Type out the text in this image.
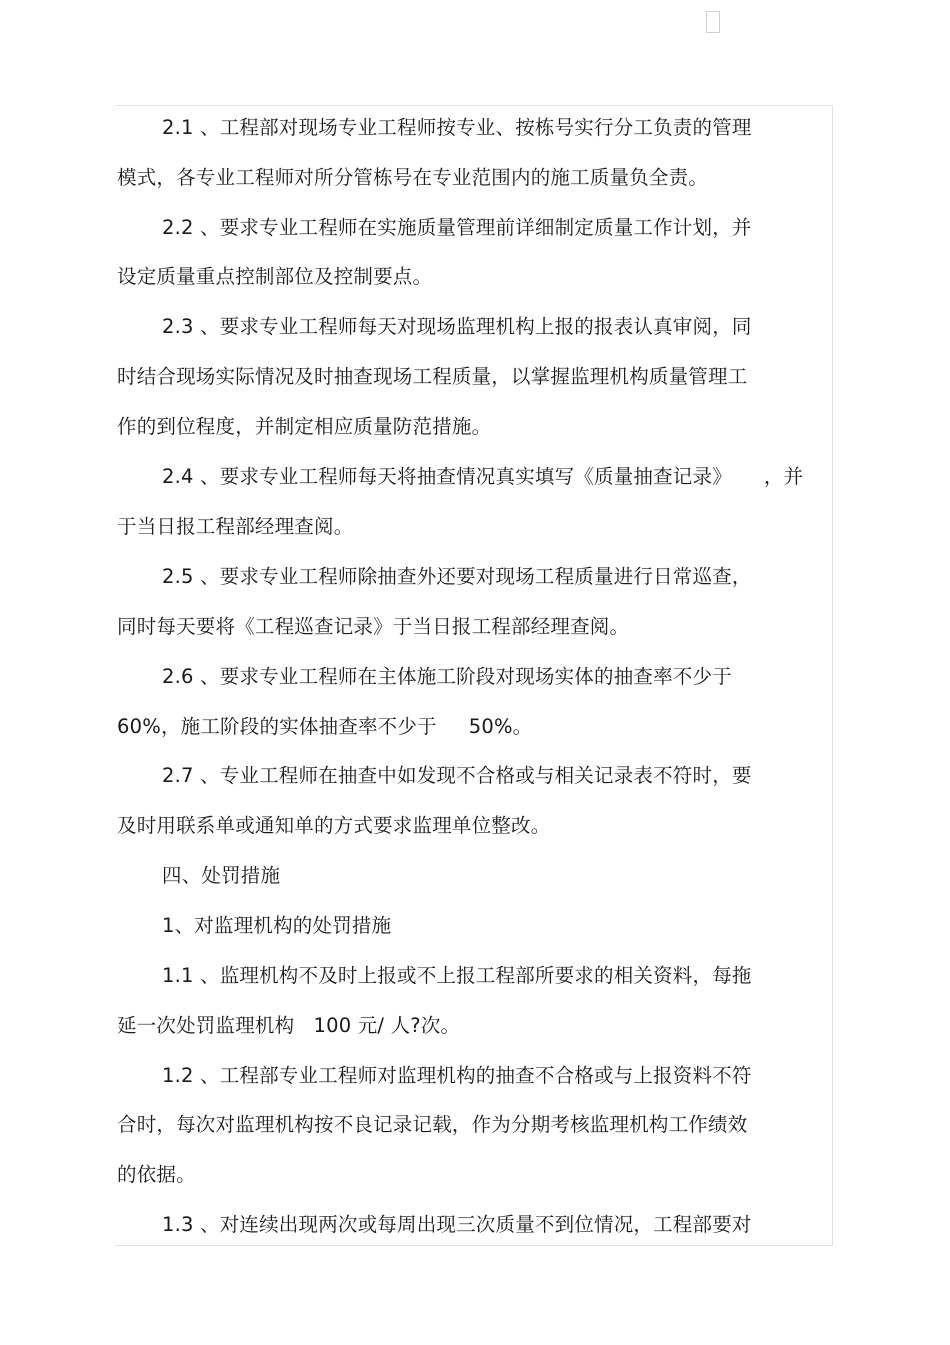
2.1 、工程部对现场专业工程师按专业、按栋号实行分工负责的管理
模式，各专业工程师对所分管栋号在专业范围内的施工质量负全责。
2.2 、要求专业工程师在实施质量管理前详细制定质量工作计划，并
设定质量重点控制部位及控制要点。
2.3 、要求专业工程师每天对现场监理机构上报的报表认真审阅，同
时结合现场实际情况及时抽查现场工程质量，以掌握监理机构质量管理工
作的到位程度，并制定相应质量防范措施。
2.4 、要求专业工程师每天将抽查情况真实填写《质量抽查记录》     ，并
于当日报工程部经理查阅。
2.5 、要求专业工程师除抽查外还要对现场工程质量进行日常巡查，
同时每天要将《工程巡查记录》于当日报工程部经理查阅。
2.6 、要求专业工程师在主体施工阶段对现场实体的抽查率不少于
60%，施工阶段的实体抽查率不少于     50%。
2.7 、专业工程师在抽查中如发现不合格或与相关记录表不符时，要
及时用联系单或通知单的方式要求监理单位整改。
四、处罚措施
1、对监理机构的处罚措施
1.1 、监理机构不及时上报或不上报工程部所要求的相关资料，每拖
延一次处罚监理机构   100 元/ 人?次。
1.2 、工程部专业工程师对监理机构的抽查不合格或与上报资料不符
合时，每次对监理机构按不良记录记载，作为分期考核监理机构工作绩效
的依据。
1.3 、对连续出现两次或每周出现三次质量不到位情况，工程部要对
